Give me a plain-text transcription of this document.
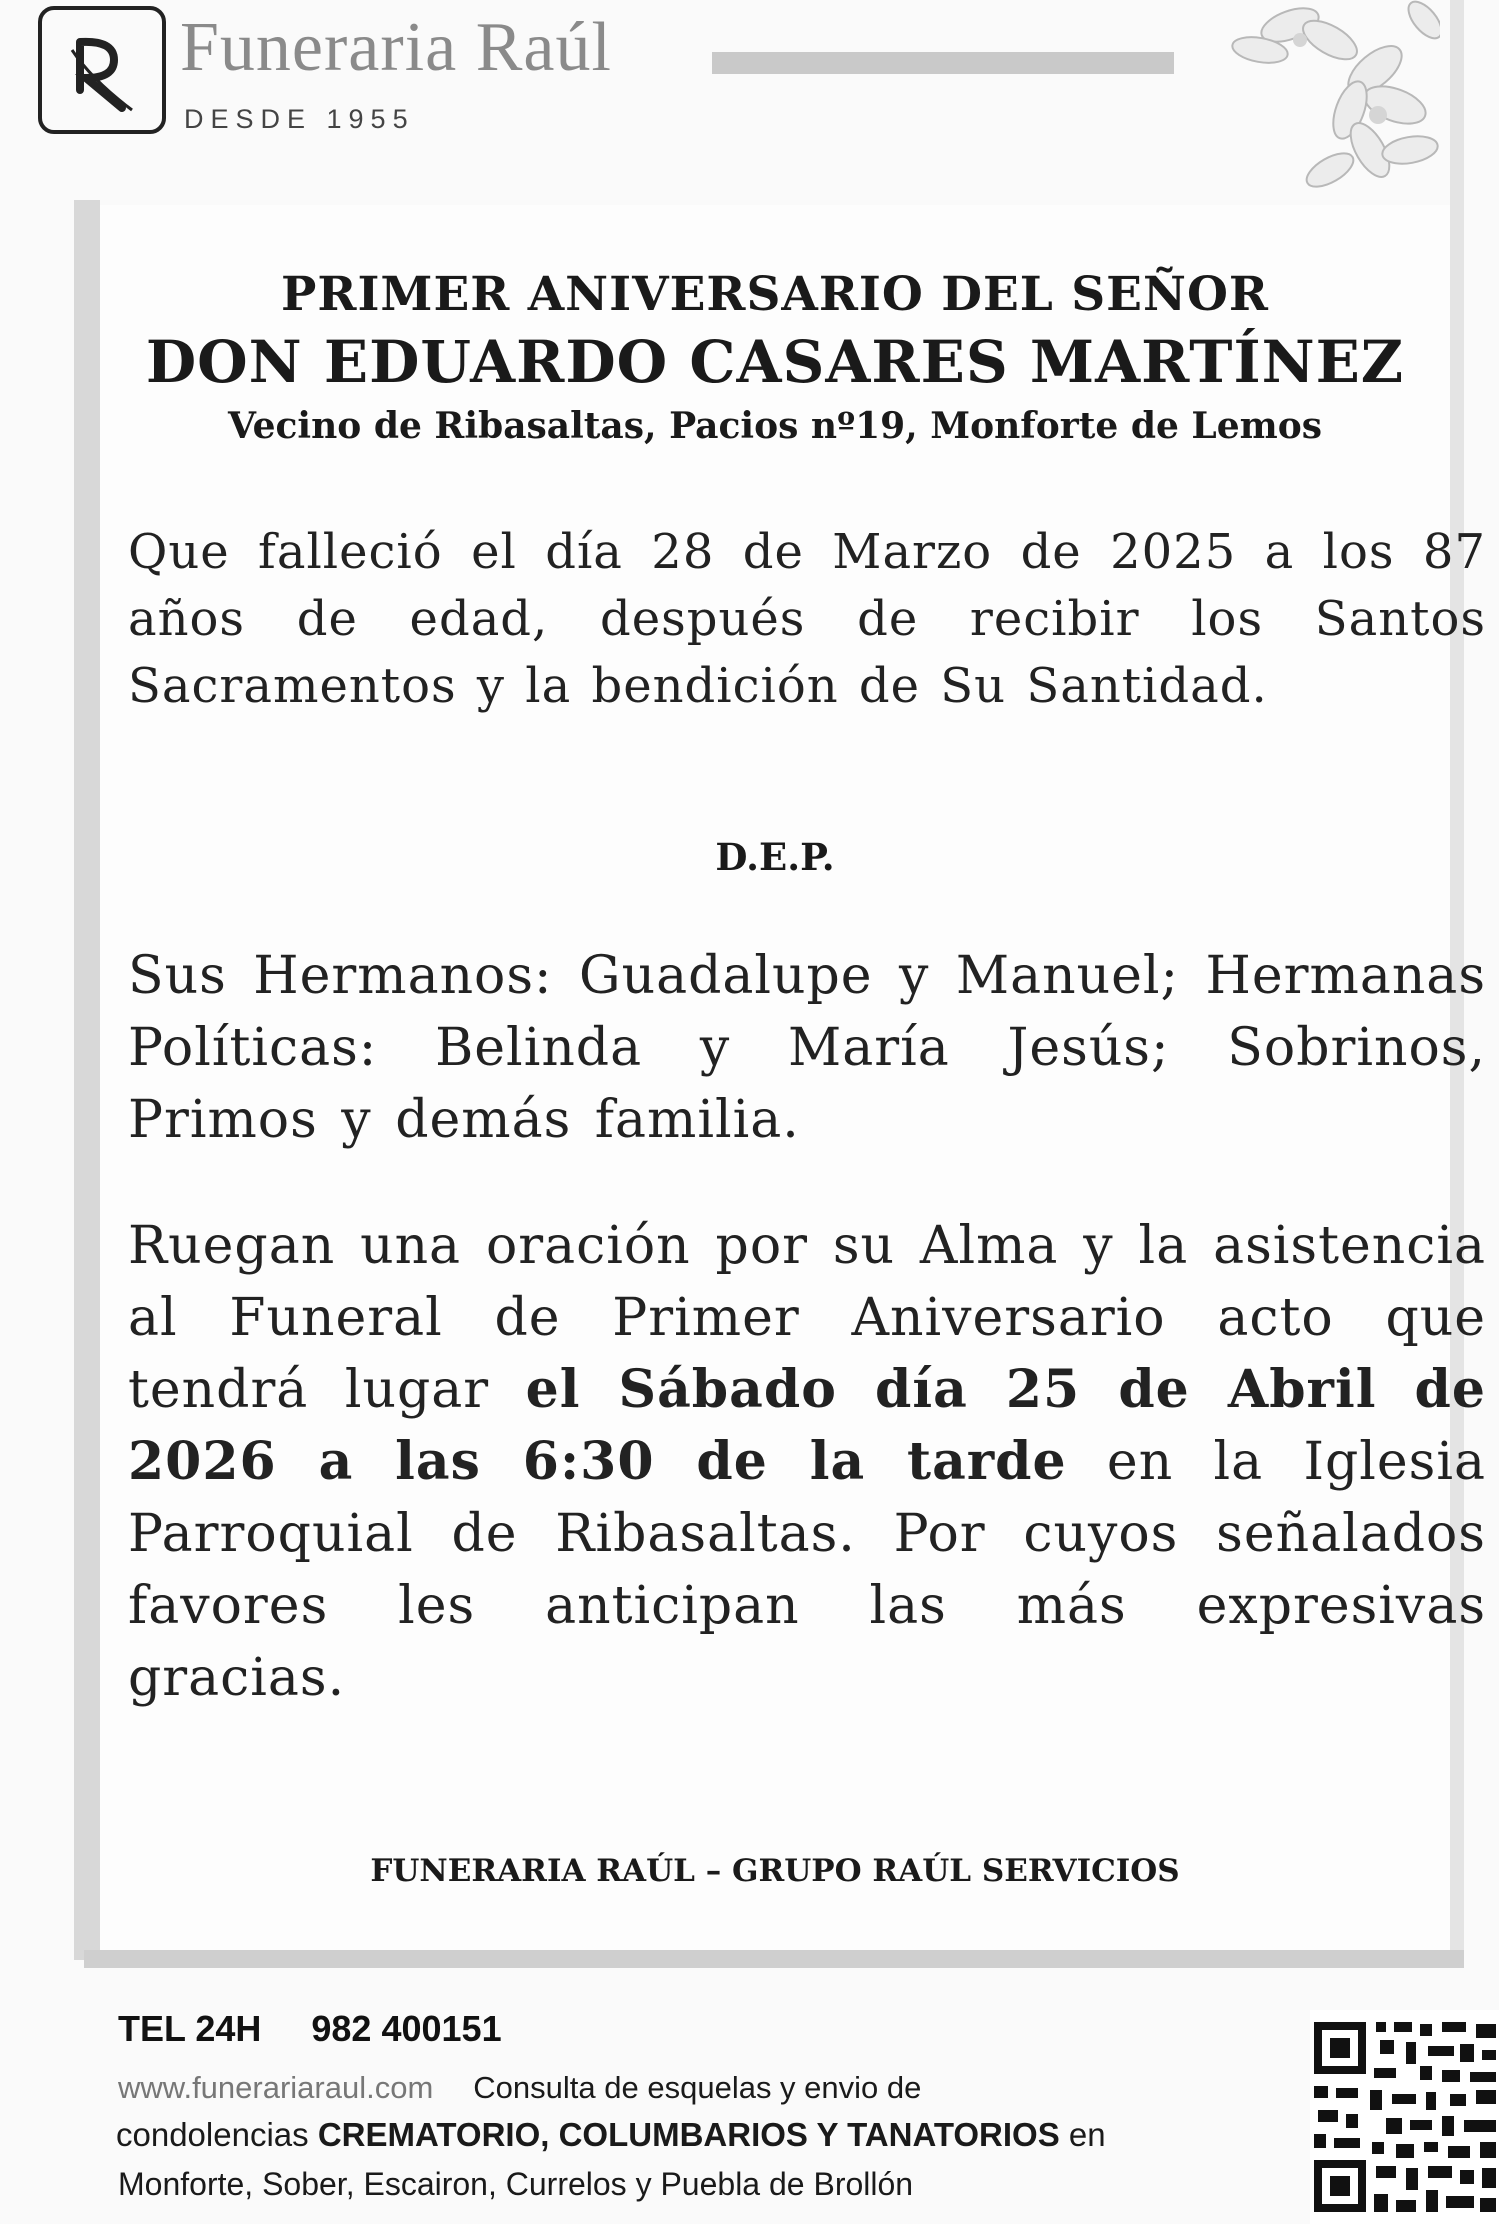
Funeraria Raúl
DESDE 1955
PRIMER ANIVERSARIO DEL SEÑOR
DON EDUARDO CASARES MARTÍNEZ
Vecino de Ribasaltas, Pacios nº19, Monforte de Lemos
Que falleció el día 28 de Marzo de 2025 a los 87 años de edad, después de recibir los Santos Sacramentos y la bendición de Su Santidad.
D.E.P.
Sus Hermanos: Guadalupe y Manuel; Hermanas Políticas: Belinda y María Jesús; Sobrinos, Primos y demás familia.
Ruegan una oración por su Alma y la asistencia al Funeral de Primer Aniversario acto que tendrá lugar el Sábado día 25 de Abril de 2026 a las 6:30 de la tarde en la Iglesia Parroquial de Ribasaltas. Por cuyos señalados favores les anticipan las más expresivas gracias.
FUNERARIA RAÚL – GRUPO RAÚL SERVICIOS
TEL 24H 982 400151
www.funerariaraul.com Consulta de esquelas y envio de
condolencias CREMATORIO, COLUMBARIOS Y TANATORIOS en
Monforte, Sober, Escairon, Currelos y Puebla de Brollón
